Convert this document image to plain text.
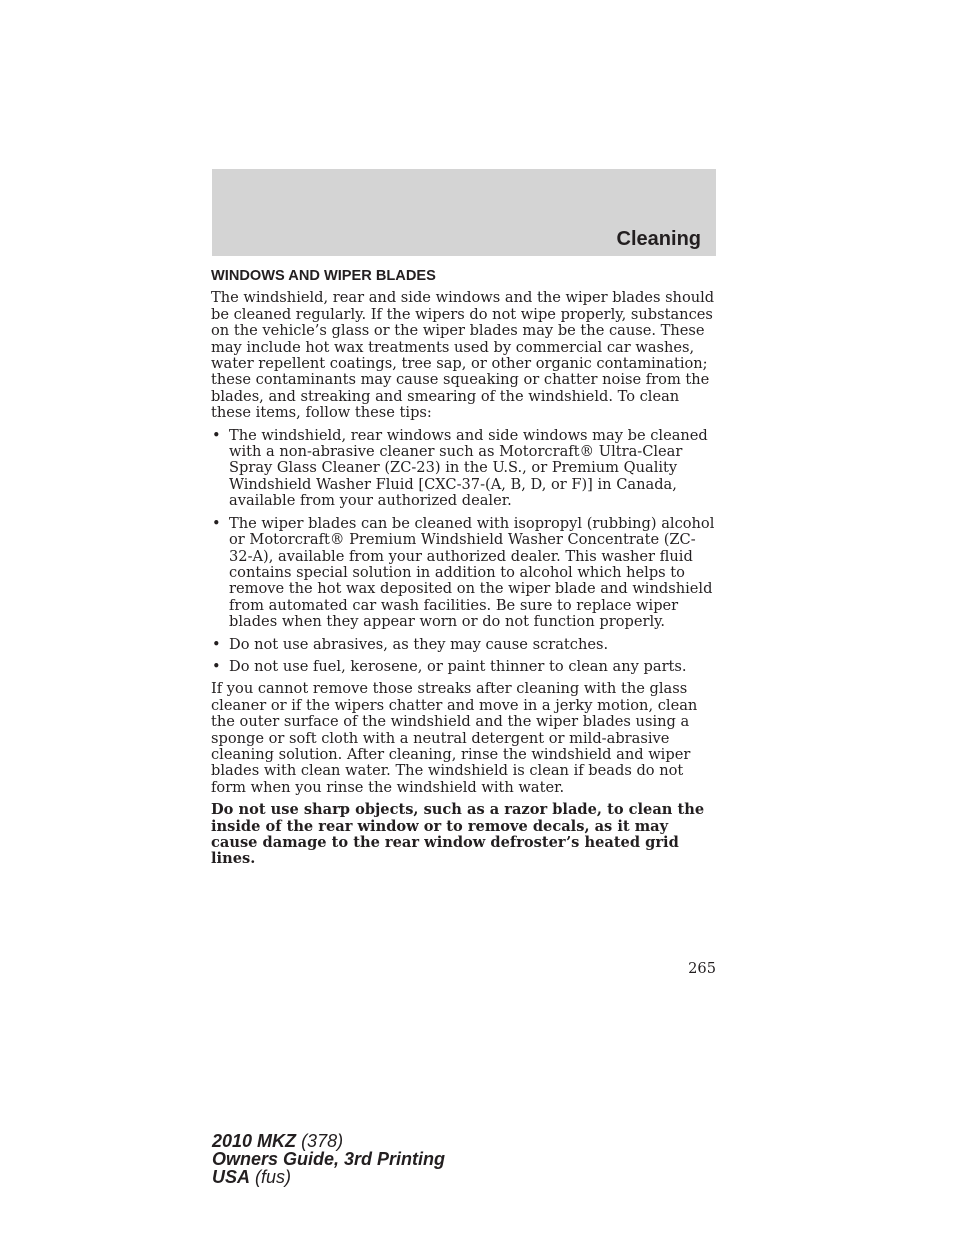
Cleaning
WINDOWS AND WIPER BLADES

The windshield, rear and side windows and the wiper blades should be cleaned regularly. If the wipers do not wipe properly, substances on the vehicle’s glass or the wiper blades may be the cause. These may include hot wax treatments used by commercial car washes, water repellent coatings, tree sap, or other organic contamination; these contaminants may cause squeaking or chatter noise from the blades, and streaking and smearing of the windshield. To clean these items, follow these tips:

• The windshield, rear windows and side windows may be cleaned with a non-abrasive cleaner such as Motorcraft® Ultra-Clear Spray Glass Cleaner (ZC-23) in the U.S., or Premium Quality Windshield Washer Fluid [CXC-37-(A, B, D, or F)] in Canada, available from your authorized dealer.
• The wiper blades can be cleaned with isopropyl (rubbing) alcohol or Motorcraft® Premium Windshield Washer Concentrate (ZC-32-A), available from your authorized dealer. This washer fluid contains special solution in addition to alcohol which helps to remove the hot wax deposited on the wiper blade and windshield from automated car wash facilities. Be sure to replace wiper blades when they appear worn or do not function properly.
• Do not use abrasives, as they may cause scratches.
• Do not use fuel, kerosene, or paint thinner to clean any parts.

If you cannot remove those streaks after cleaning with the glass cleaner or if the wipers chatter and move in a jerky motion, clean the outer surface of the windshield and the wiper blades using a sponge or soft cloth with a neutral detergent or mild-abrasive cleaning solution. After cleaning, rinse the windshield and wiper blades with clean water. The windshield is clean if beads do not form when you rinse the windshield with water.

Do not use sharp objects, such as a razor blade, to clean the inside of the rear window or to remove decals, as it may cause damage to the rear window defroster’s heated grid lines.

265
2010 MKZ (378)
Owners Guide, 3rd Printing
USA (fus)
